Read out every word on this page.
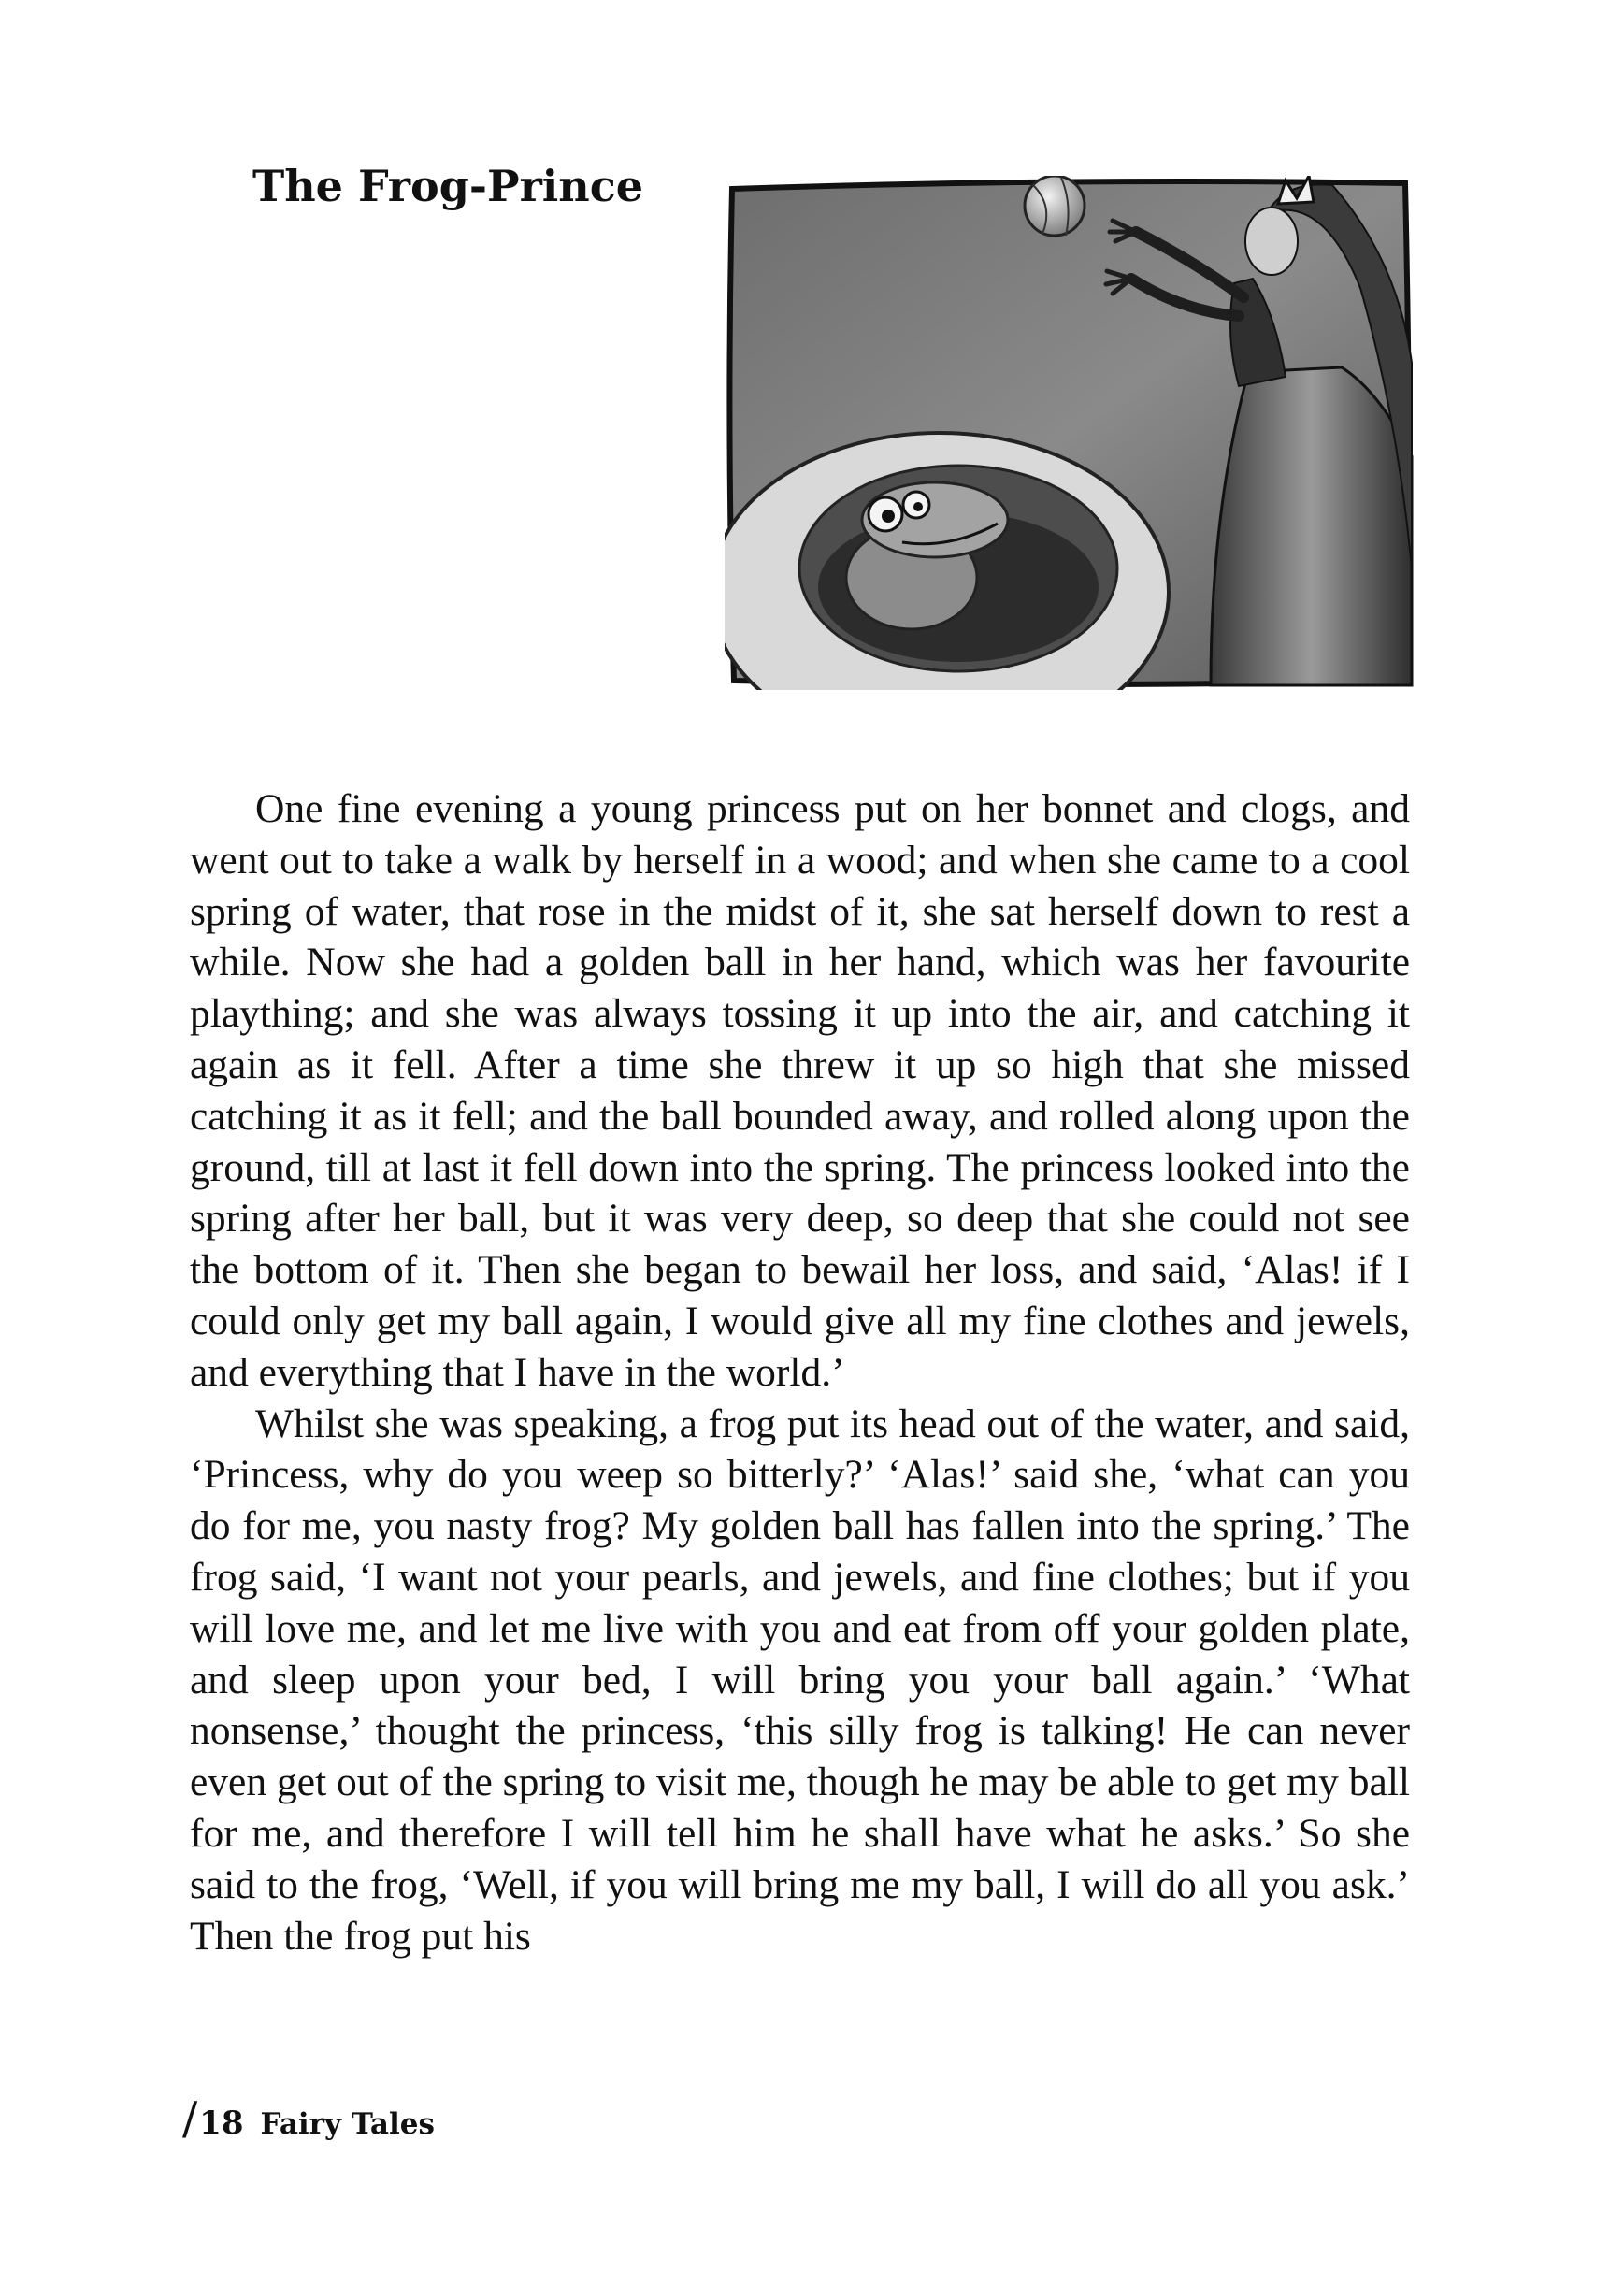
The Frog-Prince

One fine evening a young princess put on her bonnet and clogs, and went out to take a walk by herself in a wood; and when she came to a cool spring of water, that rose in the midst of it, she sat herself down to rest a while. Now she had a golden ball in her hand, which was her favourite plaything; and she was always tossing it up into the air, and catching it again as it fell. After a time she threw it up so high that she missed catching it as it fell; and the ball bounded away, and rolled along upon the ground, till at last it fell down into the spring. The princess looked into the spring after her ball, but it was very deep, so deep that she could not see the bottom of it. Then she began to bewail her loss, and said, ‘Alas! if I could only get my ball again, I would give all my fine clothes and jewels, and everything that I have in the world.’

Whilst she was speaking, a frog put its head out of the water, and said, ‘Princess, why do you weep so bitterly?’ ‘Alas!’ said she, ‘what can you do for me, you nasty frog? My golden ball has fallen into the spring.’ The frog said, ‘I want not your pearls, and jewels, and fine clothes; but if you will love me, and let me live with you and eat from off your golden plate, and sleep upon your bed, I will bring you your ball again.’ ‘What nonsense,’ thought the princess, ‘this silly frog is talking! He can never even get out of the spring to visit me, though he may be able to get my ball for me, and therefore I will tell him he shall have what he asks.’ So she said to the frog, ‘Well, if you will bring me my ball, I will do all you ask.’ Then the frog put his

/ 18 Fairy Tales
